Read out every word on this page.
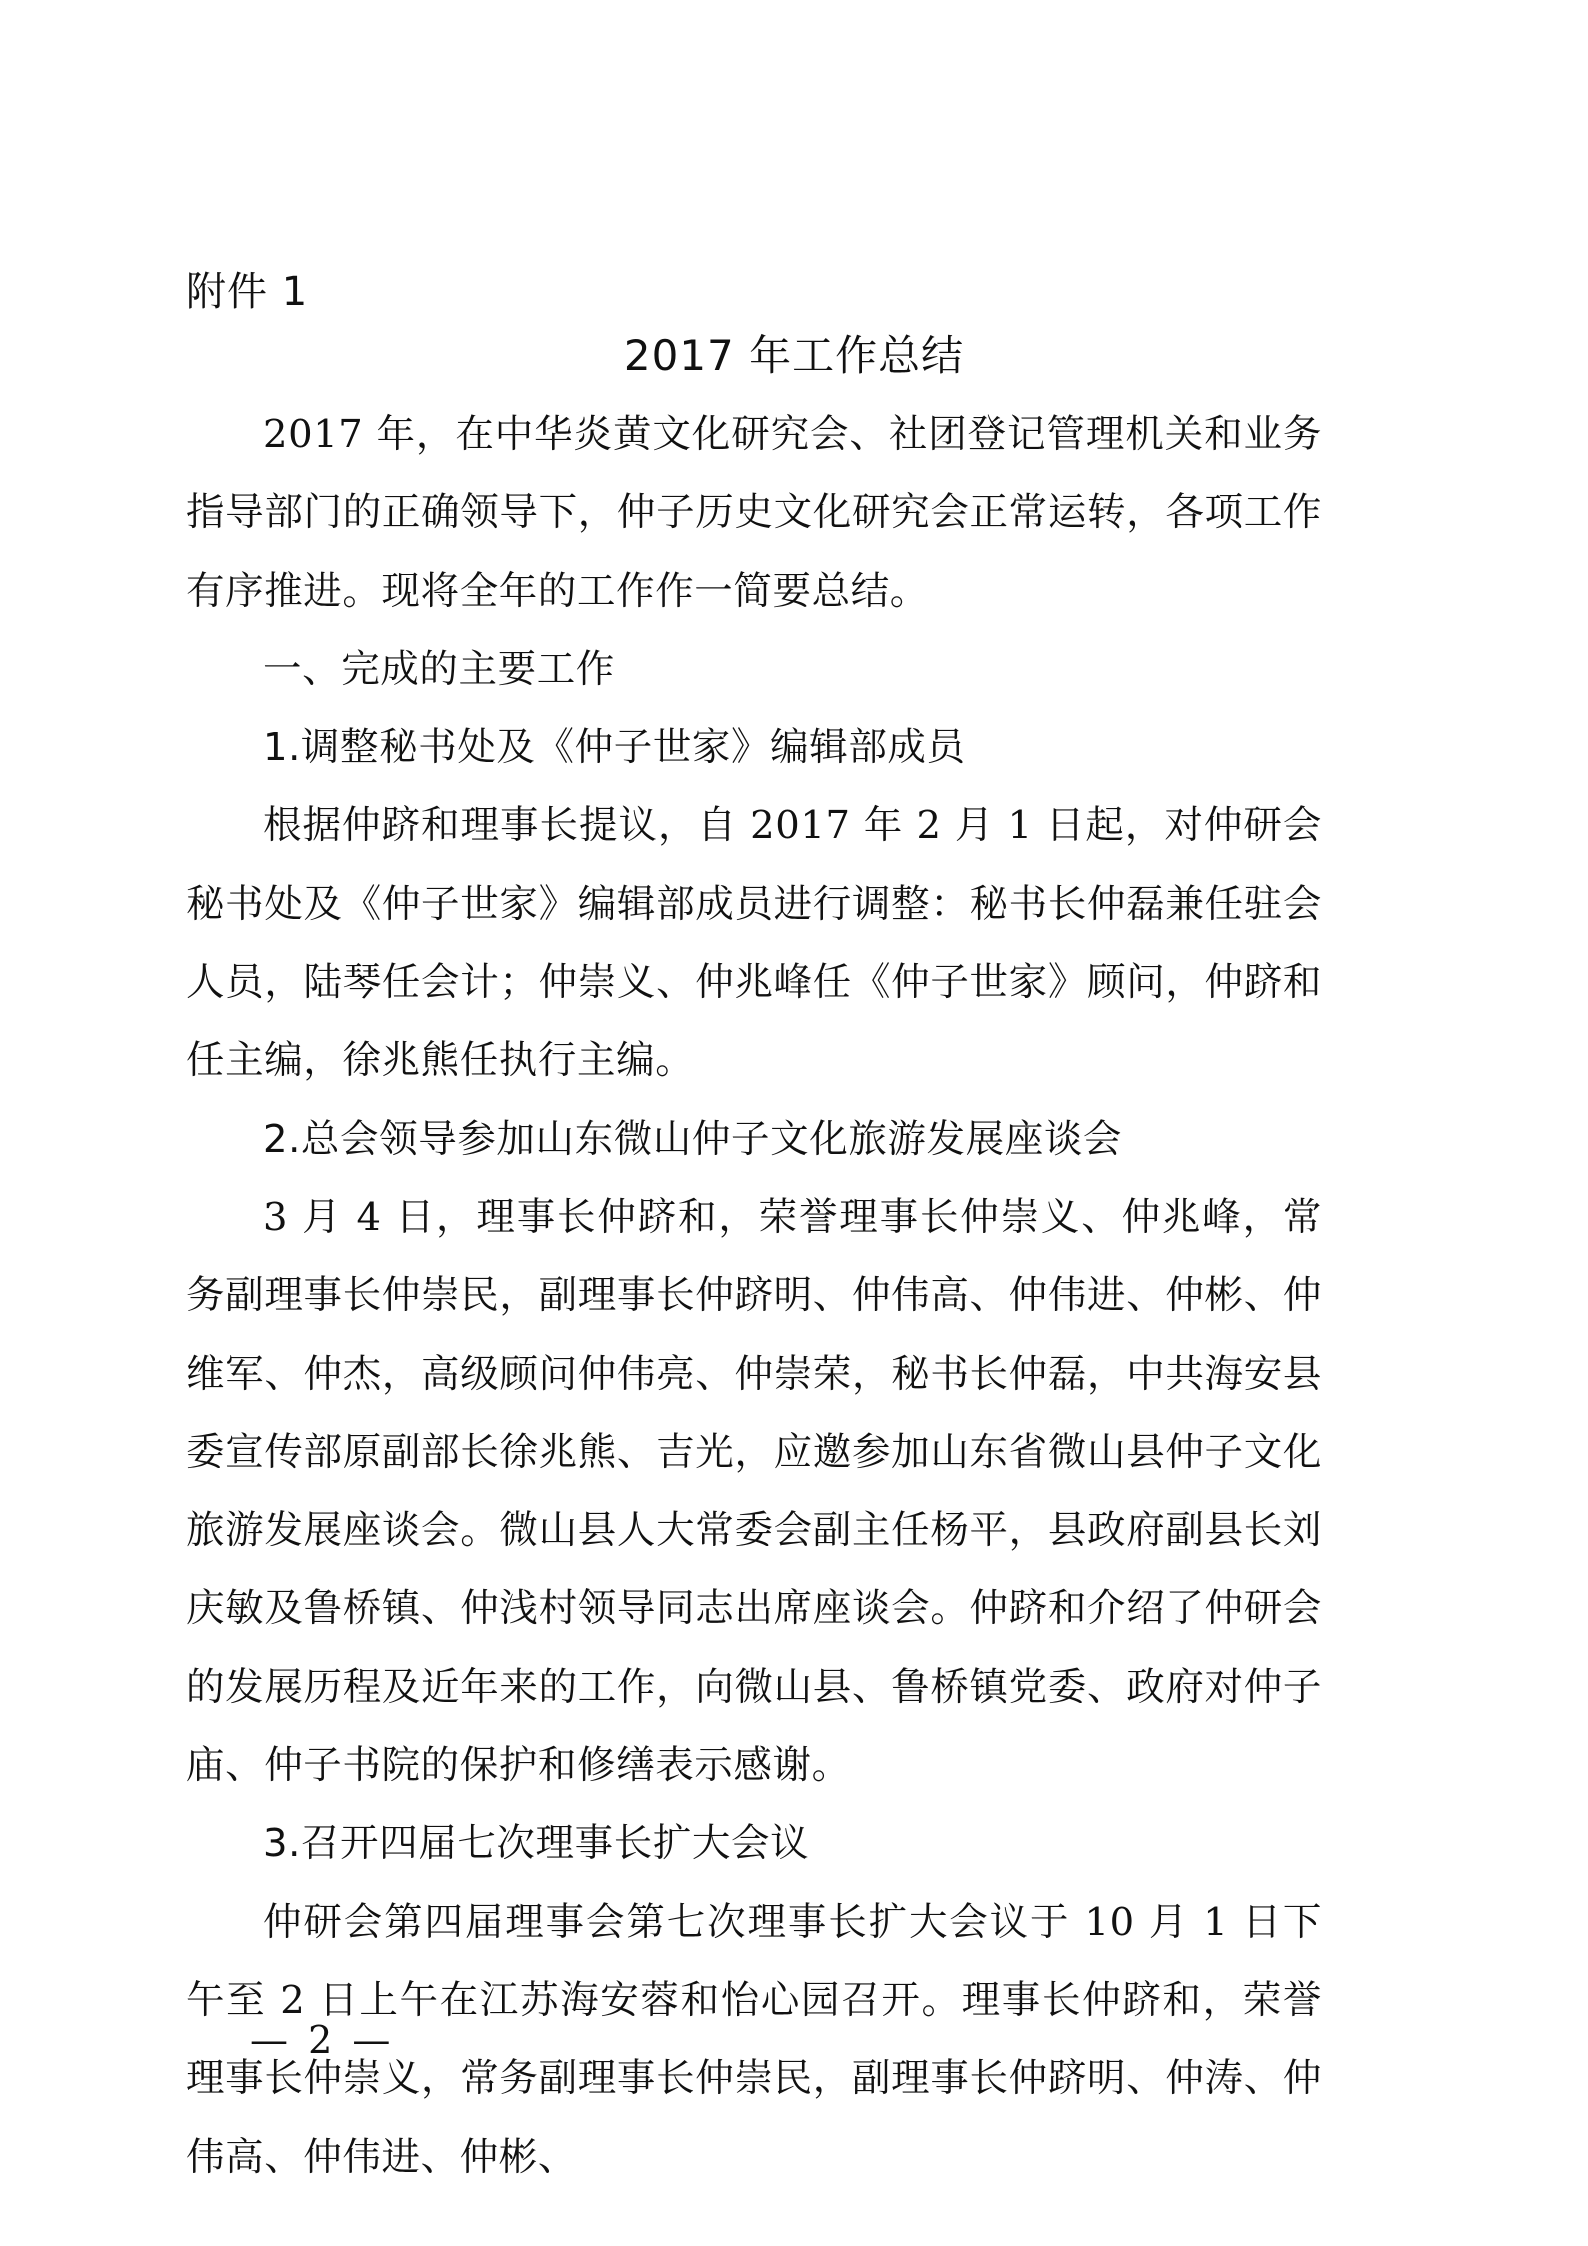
附件 1
2017 年工作总结

2017 年，在中华炎黄文化研究会、社团登记管理机关和业务指导部门的正确领导下，仲子历史文化研究会正常运转，各项工作有序推进。现将全年的工作作一简要总结。

一、完成的主要工作

1.调整秘书处及《仲子世家》编辑部成员

根据仲跻和理事长提议，自 2017 年 2 月 1 日起，对仲研会秘书处及《仲子世家》编辑部成员进行调整：秘书长仲磊兼任驻会人员，陆琴任会计；仲崇义、仲兆峰任《仲子世家》顾问，仲跻和任主编，徐兆熊任执行主编。

2.总会领导参加山东微山仲子文化旅游发展座谈会

3 月 4 日，理事长仲跻和，荣誉理事长仲崇义、仲兆峰，常务副理事长仲崇民，副理事长仲跻明、仲伟高、仲伟进、仲彬、仲维军、仲杰，高级顾问仲伟亮、仲崇荣，秘书长仲磊，中共海安县委宣传部原副部长徐兆熊、吉光，应邀参加山东省微山县仲子文化旅游发展座谈会。微山县人大常委会副主任杨平，县政府副县长刘庆敏及鲁桥镇、仲浅村领导同志出席座谈会。仲跻和介绍了仲研会的发展历程及近年来的工作，向微山县、鲁桥镇党委、政府对仲子庙、仲子书院的保护和修缮表示感谢。

3.召开四届七次理事长扩大会议

仲研会第四届理事会第七次理事长扩大会议于 10 月 1 日下午至 2 日上午在江苏海安蓉和怡心园召开。理事长仲跻和，荣誉理事长仲崇义，常务副理事长仲崇民，副理事长仲跻明、仲涛、仲伟高、仲伟进、仲彬、

— 2 —
